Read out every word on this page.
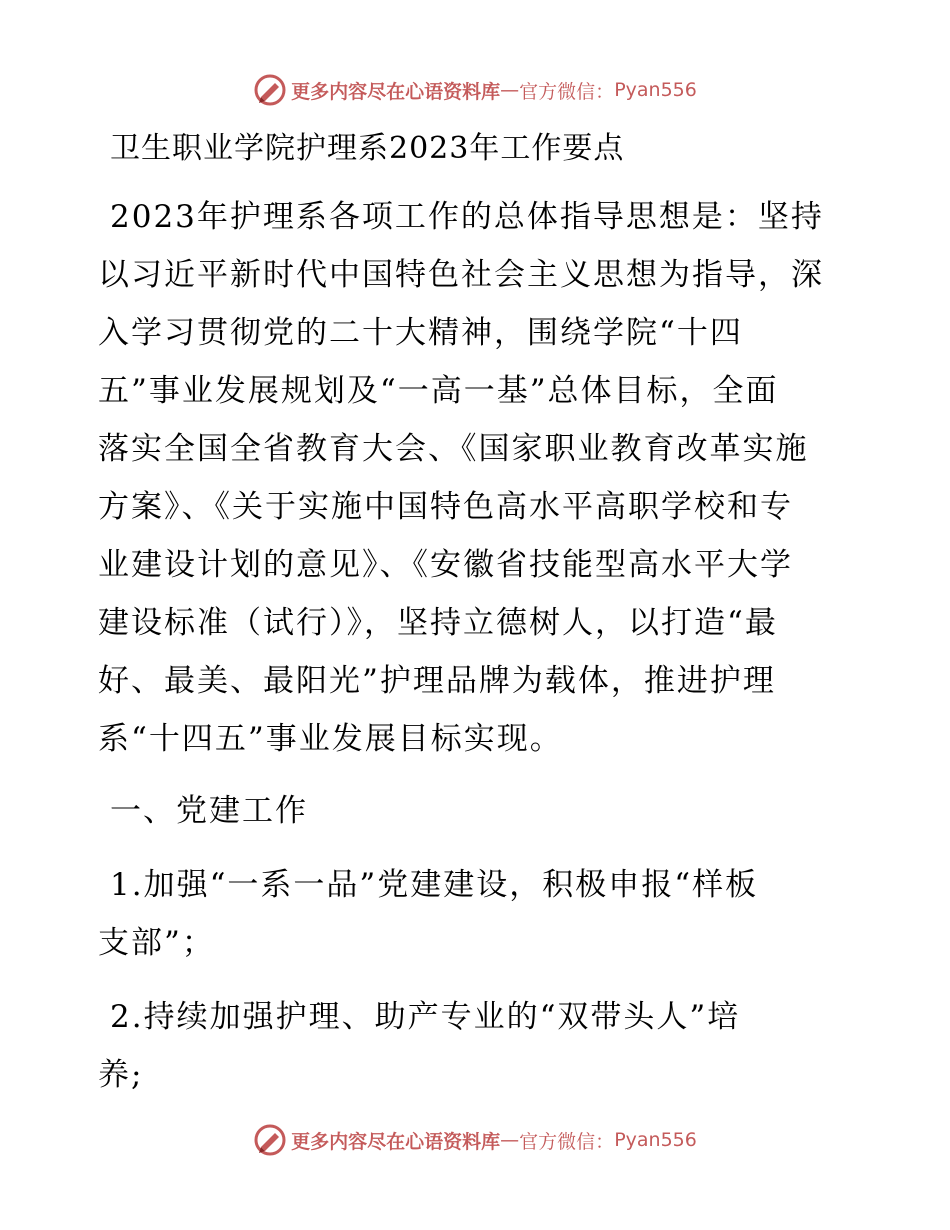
更多内容尽在心语资料库 — 官方微信： Pyan556
卫生职业学院护理系2023年工作要点
2023年护理系各项工作的总体指导思想是：坚持
以习近平新时代中国特色社会主义思想为指导，深
入学习贯彻党的二十大精神，围绕学院“十四
五”事业发展规划及“一高一基”总体目标，全面
落实全国全省教育大会、《国家职业教育改革实施
方案》、《关于实施中国特色高水平高职学校和专
业建设计划的意见》、《安徽省技能型高水平大学
建设标准（试行）》，坚持立德树人，以打造“最
好、最美、最阳光”护理品牌为载体，推进护理
系“十四五”事业发展目标实现。
一、党建工作
1.加强“一系一品”党建建设，积极申报“样板
支部”；
2.持续加强护理、助产专业的“双带头人”培
养;
更多内容尽在心语资料库 — 官方微信： Pyan556
